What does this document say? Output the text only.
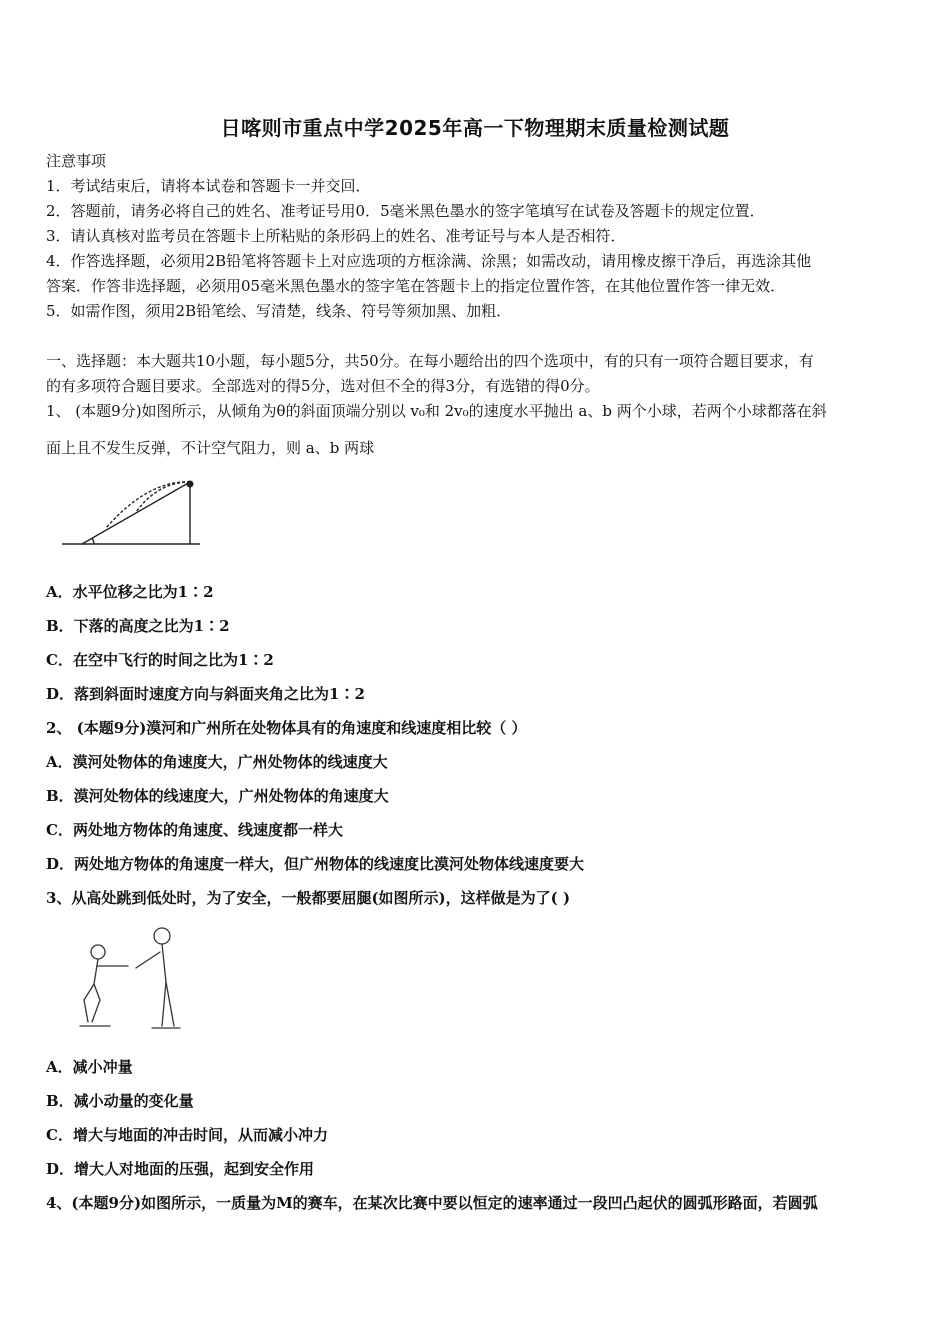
日喀则市重点中学2025年高一下物理期末质量检测试题
注意事项
1．考试结束后，请将本试卷和答题卡一并交回．
2．答题前，请务必将自己的姓名、准考证号用0．5毫米黑色墨水的签字笔填写在试卷及答题卡的规定位置．
3．请认真核对监考员在答题卡上所粘贴的条形码上的姓名、准考证号与本人是否相符．
4．作答选择题，必须用2B铅笔将答题卡上对应选项的方框涂满、涂黑；如需改动，请用橡皮擦干净后，再选涂其他
答案．作答非选择题，必须用05毫米黑色墨水的签字笔在答题卡上的指定位置作答，在其他位置作答一律无效．
5．如需作图，须用2B铅笔绘、写清楚，线条、符号等须加黑、加粗．
一、选择题：本大题共10小题，每小题5分，共50分。在每小题给出的四个选项中，有的只有一项符合题目要求，有
的有多项符合题目要求。全部选对的得5分，选对但不全的得3分，有选错的得0分。
1、 (本题9分)如图所示，从倾角为θ的斜面顶端分别以 v₀和 2v₀的速度水平抛出 a、b 两个小球，若两个小球都落在斜
面上且不发生反弹，不计空气阻力，则 a、b 两球
A．水平位移之比为1∶2
B．下落的高度之比为1∶2
C．在空中飞行的时间之比为1∶2
D．落到斜面时速度方向与斜面夹角之比为1∶2
2、 (本题9分)漠河和广州所在处物体具有的角速度和线速度相比较（ ）
A．漠河处物体的角速度大，广州处物体的线速度大
B．漠河处物体的线速度大，广州处物体的角速度大
C．两处地方物体的角速度、线速度都一样大
D．两处地方物体的角速度一样大，但广州物体的线速度比漠河处物体线速度要大
3、从高处跳到低处时，为了安全，一般都要屈腿(如图所示)，这样做是为了( )
A．减小冲量
B．减小动量的变化量
C．增大与地面的冲击时间，从而减小冲力
D．增大人对地面的压强，起到安全作用
4、(本题9分)如图所示，一质量为M的赛车，在某次比赛中要以恒定的速率通过一段凹凸起伏的圆弧形路面，若圆弧
